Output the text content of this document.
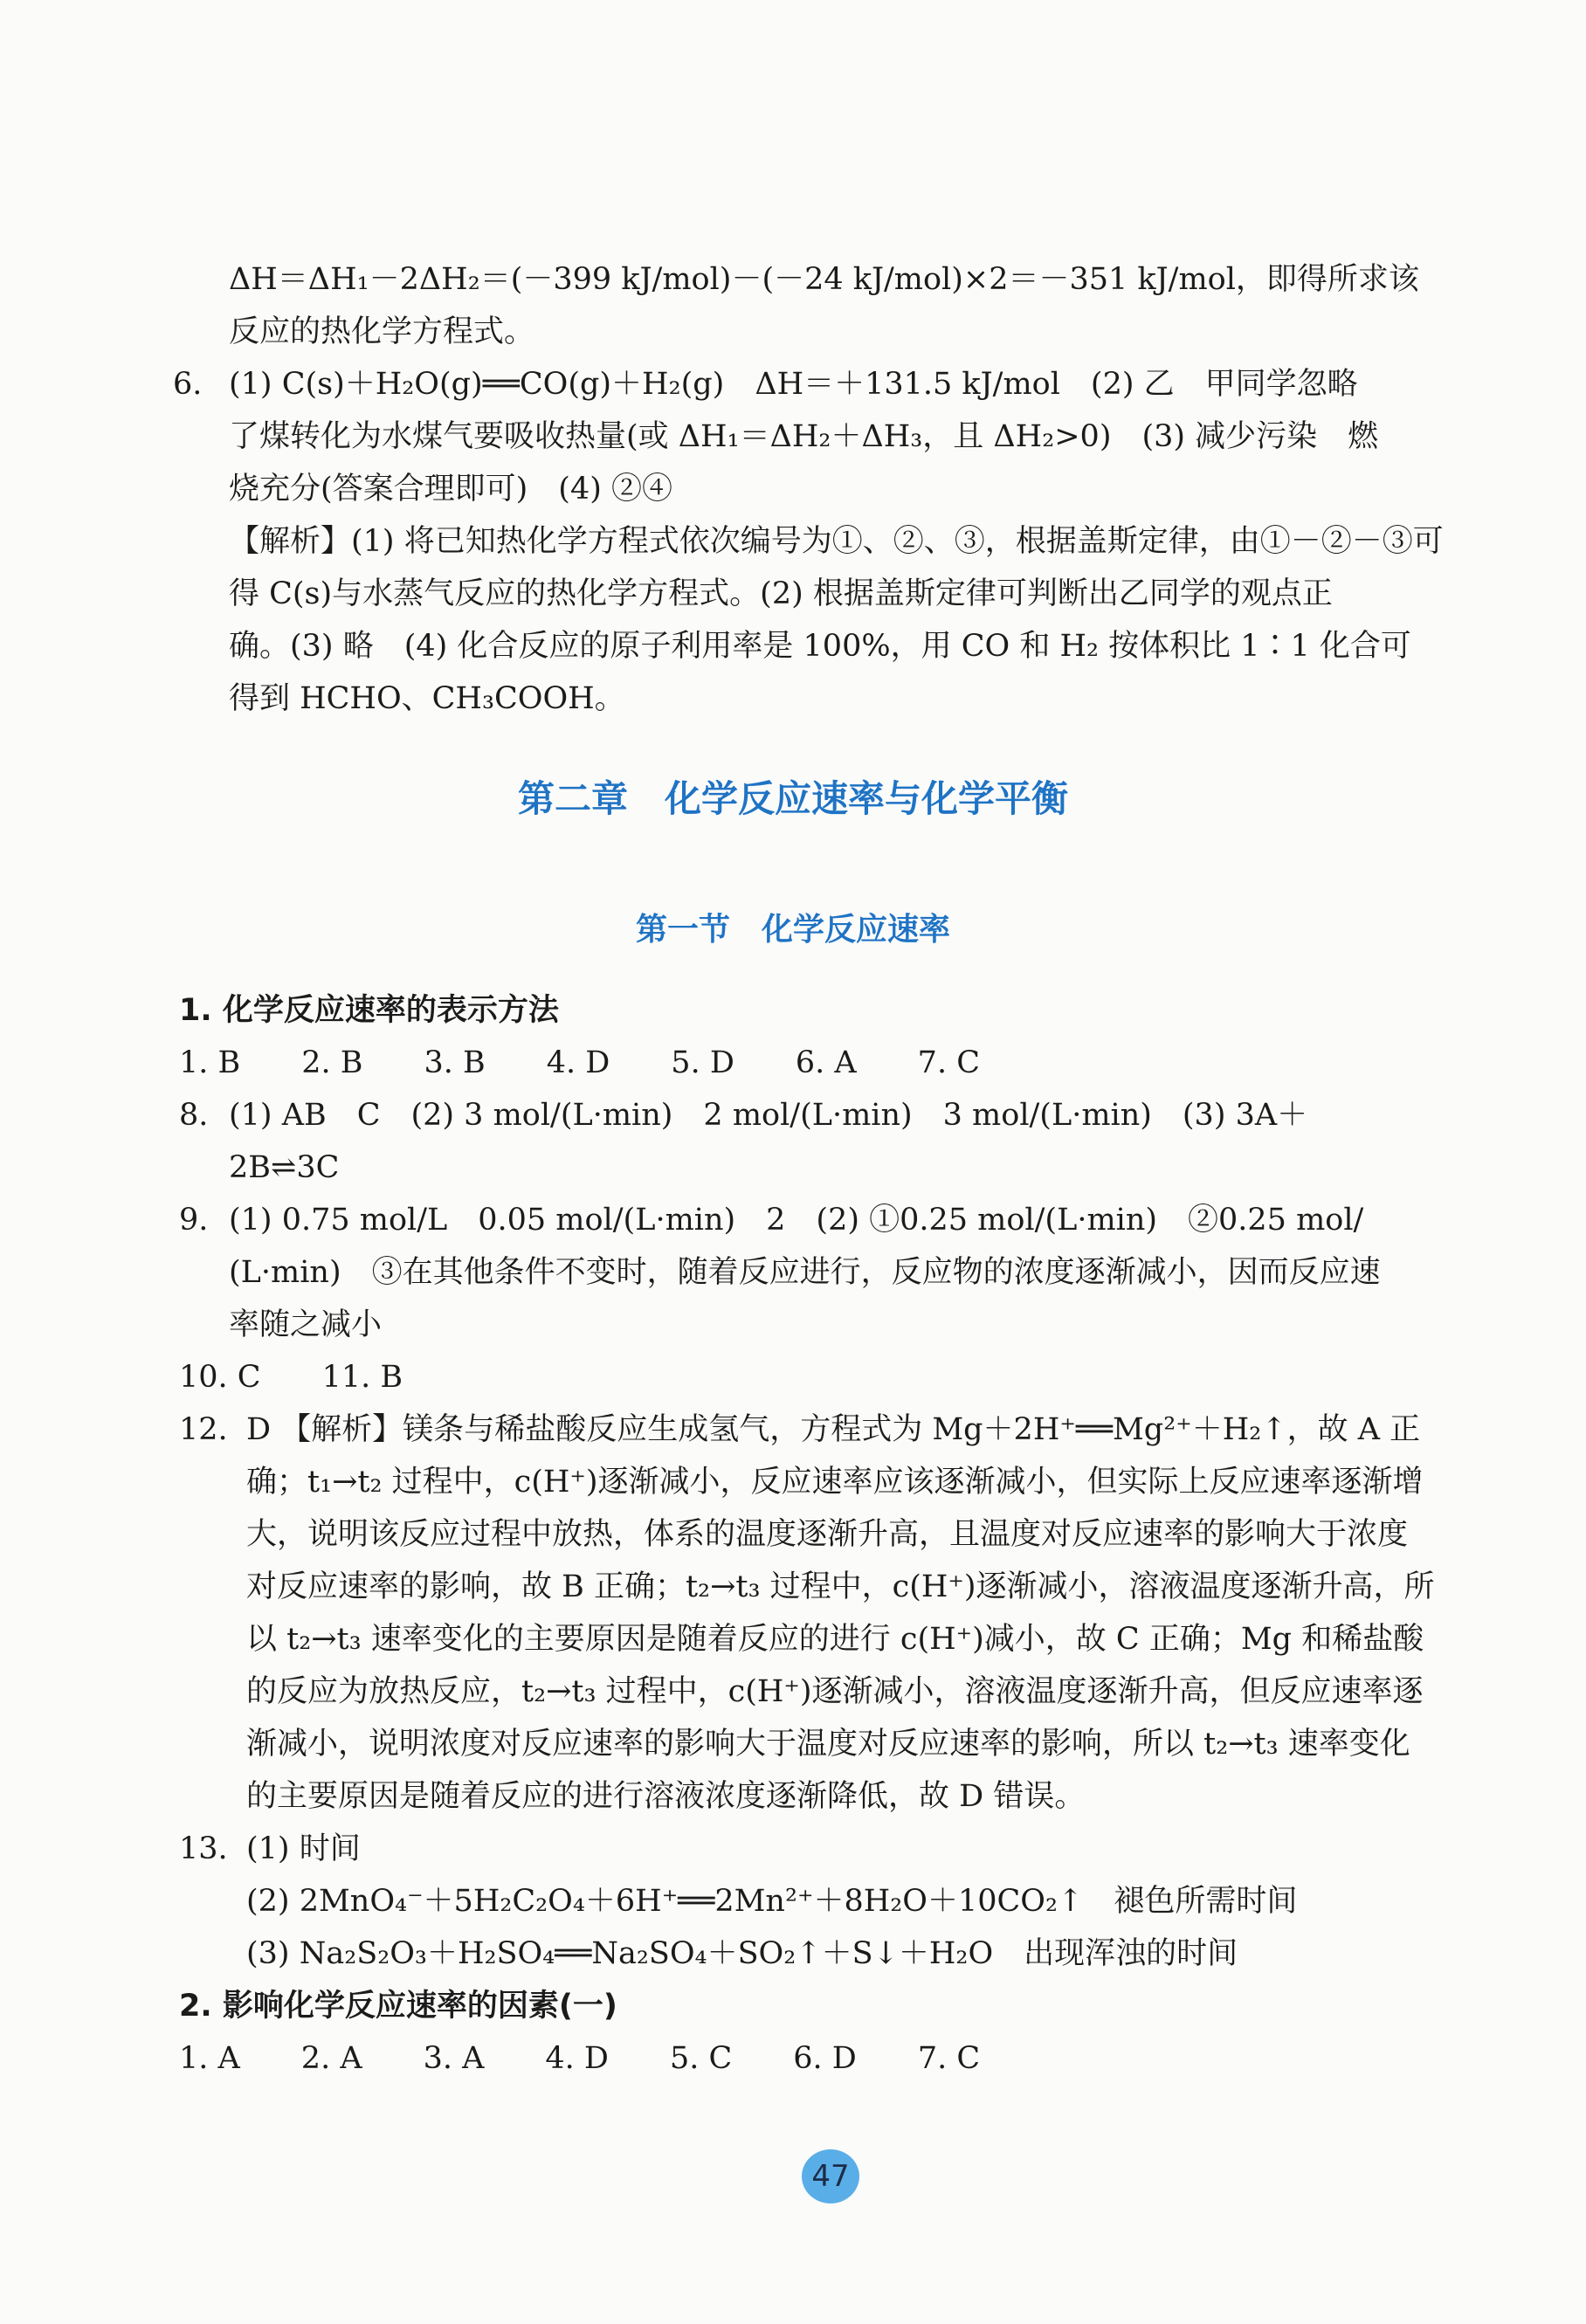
ΔH＝ΔH₁－2ΔH₂＝(－399 kJ/mol)－(－24 kJ/mol)×2＝－351 kJ/mol，即得所求该
反应的热化学方程式。
6. (1) C(s)＋H₂O(g)══CO(g)＋H₂(g)　ΔH＝＋131.5 kJ/mol　(2) 乙　甲同学忽略
了煤转化为水煤气要吸收热量(或 ΔH₁＝ΔH₂＋ΔH₃，且 ΔH₂>0)　(3) 减少污染　燃
烧充分(答案合理即可)　(4) ②④
【解析】(1) 将已知热化学方程式依次编号为①、②、③，根据盖斯定律，由①－②－③可
得 C(s)与水蒸气反应的热化学方程式。(2) 根据盖斯定律可判断出乙同学的观点正
确。(3) 略　(4) 化合反应的原子利用率是 100%，用 CO 和 H₂ 按体积比 1∶1 化合可
得到 HCHO、CH₃COOH。
第二章　化学反应速率与化学平衡
第一节　化学反应速率
1. 化学反应速率的表示方法
1. B　　2. B　　3. B　　4. D　　5. D　　6. A　　7. C
8. (1) AB　C　(2) 3 mol/(L·min)　2 mol/(L·min)　3 mol/(L·min)　(3) 3A＋
2B⇌3C
9. (1) 0.75 mol/L　0.05 mol/(L·min)　2　(2) ①0.25 mol/(L·min)　②0.25 mol/
(L·min)　③在其他条件不变时，随着反应进行，反应物的浓度逐渐减小，因而反应速
率随之减小
10. C　　11. B
12. D 【解析】镁条与稀盐酸反应生成氢气，方程式为 Mg＋2H⁺══Mg²⁺＋H₂↑，故 A 正
确；t₁→t₂ 过程中，c(H⁺)逐渐减小，反应速率应该逐渐减小，但实际上反应速率逐渐增
大，说明该反应过程中放热，体系的温度逐渐升高，且温度对反应速率的影响大于浓度
对反应速率的影响，故 B 正确；t₂→t₃ 过程中，c(H⁺)逐渐减小，溶液温度逐渐升高，所
以 t₂→t₃ 速率变化的主要原因是随着反应的进行 c(H⁺)减小，故 C 正确；Mg 和稀盐酸
的反应为放热反应，t₂→t₃ 过程中，c(H⁺)逐渐减小，溶液温度逐渐升高，但反应速率逐
渐减小，说明浓度对反应速率的影响大于温度对反应速率的影响，所以 t₂→t₃ 速率变化
的主要原因是随着反应的进行溶液浓度逐渐降低，故 D 错误。
13. (1) 时间
(2) 2MnO₄⁻＋5H₂C₂O₄＋6H⁺══2Mn²⁺＋8H₂O＋10CO₂↑　褪色所需时间
(3) Na₂S₂O₃＋H₂SO₄══Na₂SO₄＋SO₂↑＋S↓＋H₂O　出现浑浊的时间
2. 影响化学反应速率的因素(一)
1. A　　2. A　　3. A　　4. D　　5. C　　6. D　　7. C
47
